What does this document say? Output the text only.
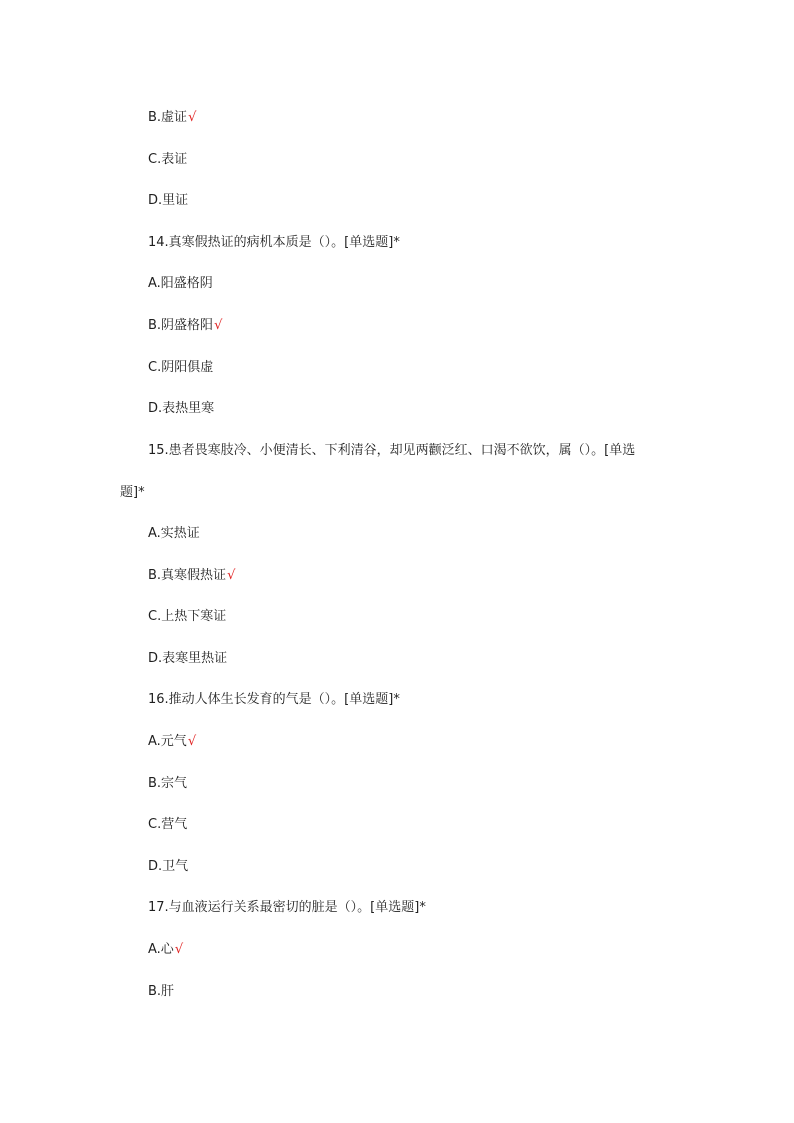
B.虚证√
C.表证
D.里证
14.真寒假热证的病机本质是（）。[单选题]*
A.阳盛格阴
B.阴盛格阳√
C.阴阳俱虚
D.表热里寒
15.患者畏寒肢冷、小便清长、下利清谷，却见两颧泛红、口渴不欲饮，属（）。[单选
题]*
A.实热证
B.真寒假热证√
C.上热下寒证
D.表寒里热证
16.推动人体生长发育的气是（）。[单选题]*
A.元气√
B.宗气
C.营气
D.卫气
17.与血液运行关系最密切的脏是（）。[单选题]*
A.心√
B.肝
